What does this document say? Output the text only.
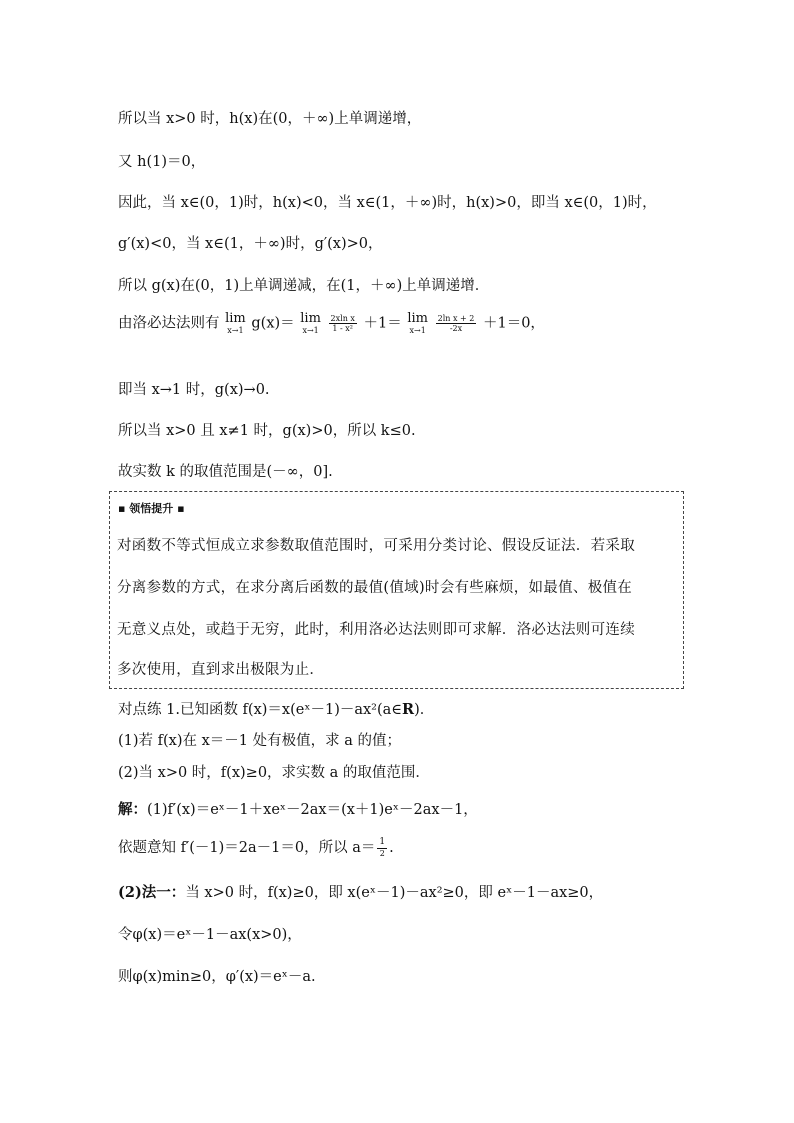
所以当 x>0 时，h(x)在(0，＋∞)上单调递增，
又 h(1)＝0，
因此，当 x∈(0，1)时，h(x)<0，当 x∈(1，＋∞)时，h(x)>0，即当 x∈(0，1)时，
g′(x)<0，当 x∈(1，＋∞)时，g′(x)>0，
所以 g(x)在(0，1)上单调递减，在(1，＋∞)上单调递增．
由洛必达法则有 lim
x→1 g(x)＝ lim
x→1
$\frac{\text{2xln x}}{\text{1 - x²}} +1= \lim$
x→1
$\frac{\text{2ln x + 2}}{-2x} +1=0$，
即当 x→1 时，g(x)→0.
所以当 x>0 且 x≠1 时，g(x)>0，所以 k≤0.
故实数 k 的取值范围是(－∞，0].
▪ 领悟提升 ▪
对函数不等式恒成立求参数取值范围时，可采用分类讨论、假设反证法．若采取
分离参数的方式，在求分离后函数的最值(值域)时会有些麻烦，如最值、极值在
无意义点处，或趋于无穷，此时，利用洛必达法则即可求解．洛必达法则可连续
多次使用，直到求出极限为止．
对点练 1.已知函数 f(x)＝x(eˣ－1)－ax²(a∈R)．
(1)若 f(x)在 x＝－1 处有极值，求 a 的值；
(2)当 x>0 时，f(x)≥0，求实数 a 的取值范围．
解：(1)f′(x)＝eˣ－1＋xeˣ－2ax＝(x＋1)eˣ－2ax－1，
依题意知 f′(－1)＝2a－1＝0，所以 $a= \frac{1}{2}$ .
(2)法一：当 x>0 时，f(x)≥0，即 x(eˣ－1)－ax²≥0，即 eˣ－1－ax≥0，
令φ(x)＝eˣ－1－ax(x>0)，
则φ(x)min≥0，φ′(x)＝eˣ－a.
